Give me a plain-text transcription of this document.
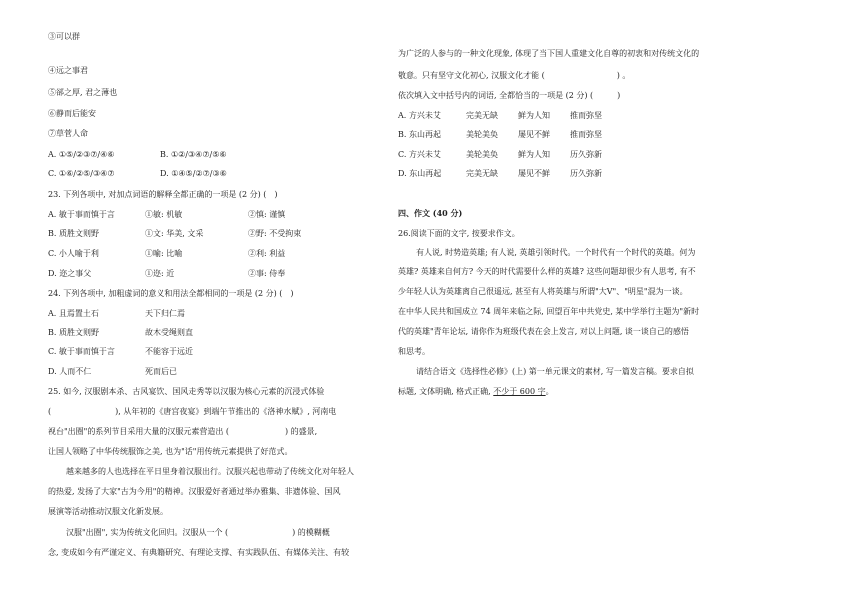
③可以群
④远之事君
⑤郤之厚, 君之薄也
⑥静而后能安
⑦草菅人命
A. ①⑤/②③⑦/④⑥	B. ①②/③④⑦/⑤⑥
C. ①⑥/②⑤/③④⑦	D. ①④⑤/②⑦/③⑥
23. 下列各项中, 对加点词语的解释全都正确的一项是 (2 分) (　)
A. 敏于事而慎于言	①敏: 机敏	②慎: 谨慎
B. 质胜文则野	①文: 华美, 文采	②野: 不受拘束
C. 小人喻于利	①喻: 比喻	②利: 利益
D. 迩之事父	①迩: 近	②事: 侍奉
24. 下列各项中, 加粗虚词的意义和用法全都相同的一项是 (2 分) (　)
A. 且焉置土石	天下归仁焉
B. 质胜文则野	故木受绳则直
C. 敏于事而慎于言	不能容于远近
D. 人而不仁	死而后已
25. 如今, 汉服剧本杀、古风宴饮、国风走秀等以汉服为核心元素的沉浸式体验
(　　　　　　　　), 从年初的《唐宫夜宴》到端午节推出的《洛神水赋》, 河南电
视台"出圈"的系列节目采用大量的汉服元素营造出 (　　　　　　　) 的盛景,
让国人领略了中华传统服饰之美, 也为"话"用传统元素提供了好范式。
越来越多的人也选择在平日里身着汉服出行。汉服兴起也带动了传统文化对年轻人
的热爱, 发扬了大家"古为今用"的精神。汉服爱好者通过举办雅集、非遗体验、国风
展演等活动推动汉服文化新发展。
汉服"出圈", 实为传统文化回归。汉服从一个 (　　　　　　　　) 的模糊概
念, 变成如今有严谨定义、有典籍研究、有理论支撑、有实践队伍、有媒体关注、有较
为广泛的人参与的一种文化现象, 体现了当下国人重建文化自尊的初衷和对传统文化的
敬意。只有坚守文化初心, 汉服文化才能 (　　　　　　　　　) 。
依次填入文中括号内的词语, 全都恰当的一项是 (2 分) (　　　)
A. 方兴未艾	完美无缺	鲜为人知	推而弥坚
B. 东山再起	美轮美奂	屡见不鲜	推而弥坚
C. 方兴未艾	美轮美奂	鲜为人知	历久弥新
D. 东山再起	完美无缺	屡见不鲜	历久弥新
四、作文 (40 分)
26.阅读下面的文字, 按要求作文。
有人说, 时势造英雄; 有人说, 英雄引领时代。一个时代有一个时代的英雄。何为
英雄? 英雄来自何方? 今天的时代需要什么样的英雄? 这些问题却很少有人思考, 有不
少年轻人认为英雄离自己很遥远, 甚至有人将英雄与所谓"大V"、"明星"混为一谈。
在中华人民共和国成立 74 周年来临之际, 回望百年中共党史, 某中学举行主题为"新时
代的英雄"青年论坛, 请你作为班级代表在会上发言, 对以上问题, 谈一谈自己的感悟
和思考。
请结合语文《选择性必修》(上) 第一单元课文的素材, 写一篇发言稿。要求自拟
标题, 文体明确, 格式正确, 不少于 600 字。
